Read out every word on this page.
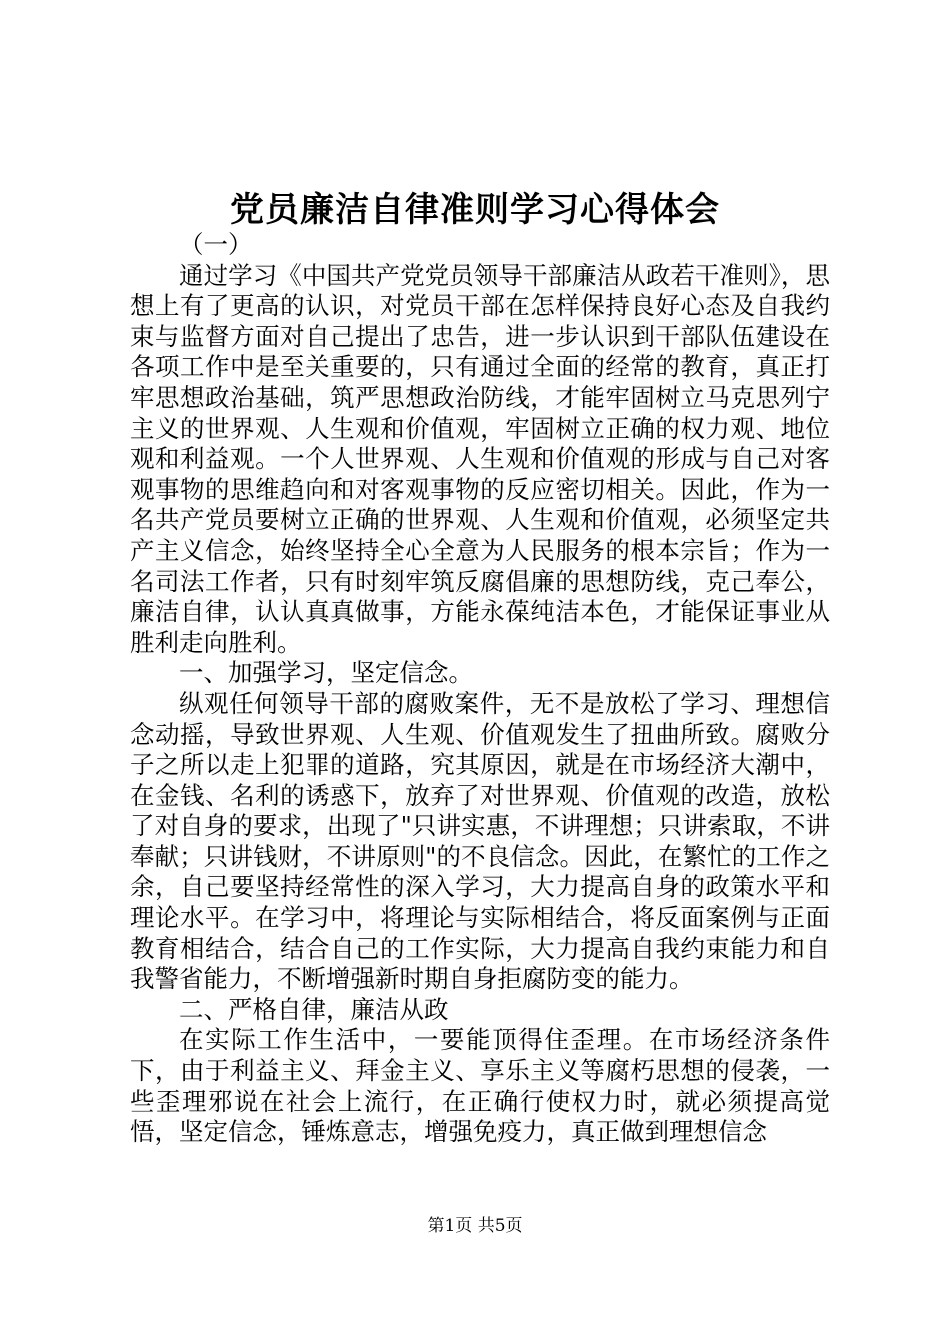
党员廉洁自律准则学习心得体会

（一）

通过学习《中国共产党党员领导干部廉洁从政若干准则》，思想上有了更高的认识，对党员干部在怎样保持良好心态及自我约束与监督方面对自己提出了忠告，进一步认识到干部队伍建设在各项工作中是至关重要的，只有通过全面的经常的教育，真正打牢思想政治基础，筑严思想政治防线，才能牢固树立马克思列宁主义的世界观、人生观和价值观，牢固树立正确的权力观、地位观和利益观。一个人世界观、人生观和价值观的形成与自己对客观事物的思维趋向和对客观事物的反应密切相关。因此，作为一名共产党员要树立正确的世界观、人生观和价值观，必须坚定共产主义信念，始终坚持全心全意为人民服务的根本宗旨；作为一名司法工作者，只有时刻牢筑反腐倡廉的思想防线，克己奉公，廉洁自律，认认真真做事，方能永葆纯洁本色，才能保证事业从胜利走向胜利。

一、加强学习，坚定信念。

纵观任何领导干部的腐败案件，无不是放松了学习、理想信念动摇，导致世界观、人生观、价值观发生了扭曲所致。腐败分子之所以走上犯罪的道路，究其原因，就是在市场经济大潮中，在金钱、名利的诱惑下，放弃了对世界观、价值观的改造，放松了对自身的要求，出现了"只讲实惠，不讲理想；只讲索取，不讲奉献；只讲钱财，不讲原则"的不良信念。因此，在繁忙的工作之余，自己要坚持经常性的深入学习，大力提高自身的政策水平和理论水平。在学习中，将理论与实际相结合，将反面案例与正面教育相结合，结合自己的工作实际，大力提高自我约束能力和自我警省能力，不断增强新时期自身拒腐防变的能力。

二、严格自律，廉洁从政

在实际工作生活中，一要能顶得住歪理。在市场经济条件下，由于利益主义、拜金主义、享乐主义等腐朽思想的侵袭，一些歪理邪说在社会上流行，在正确行使权力时，就必须提高觉悟，坚定信念，锤炼意志，增强免疫力，真正做到理想信念

第1页 共5页
